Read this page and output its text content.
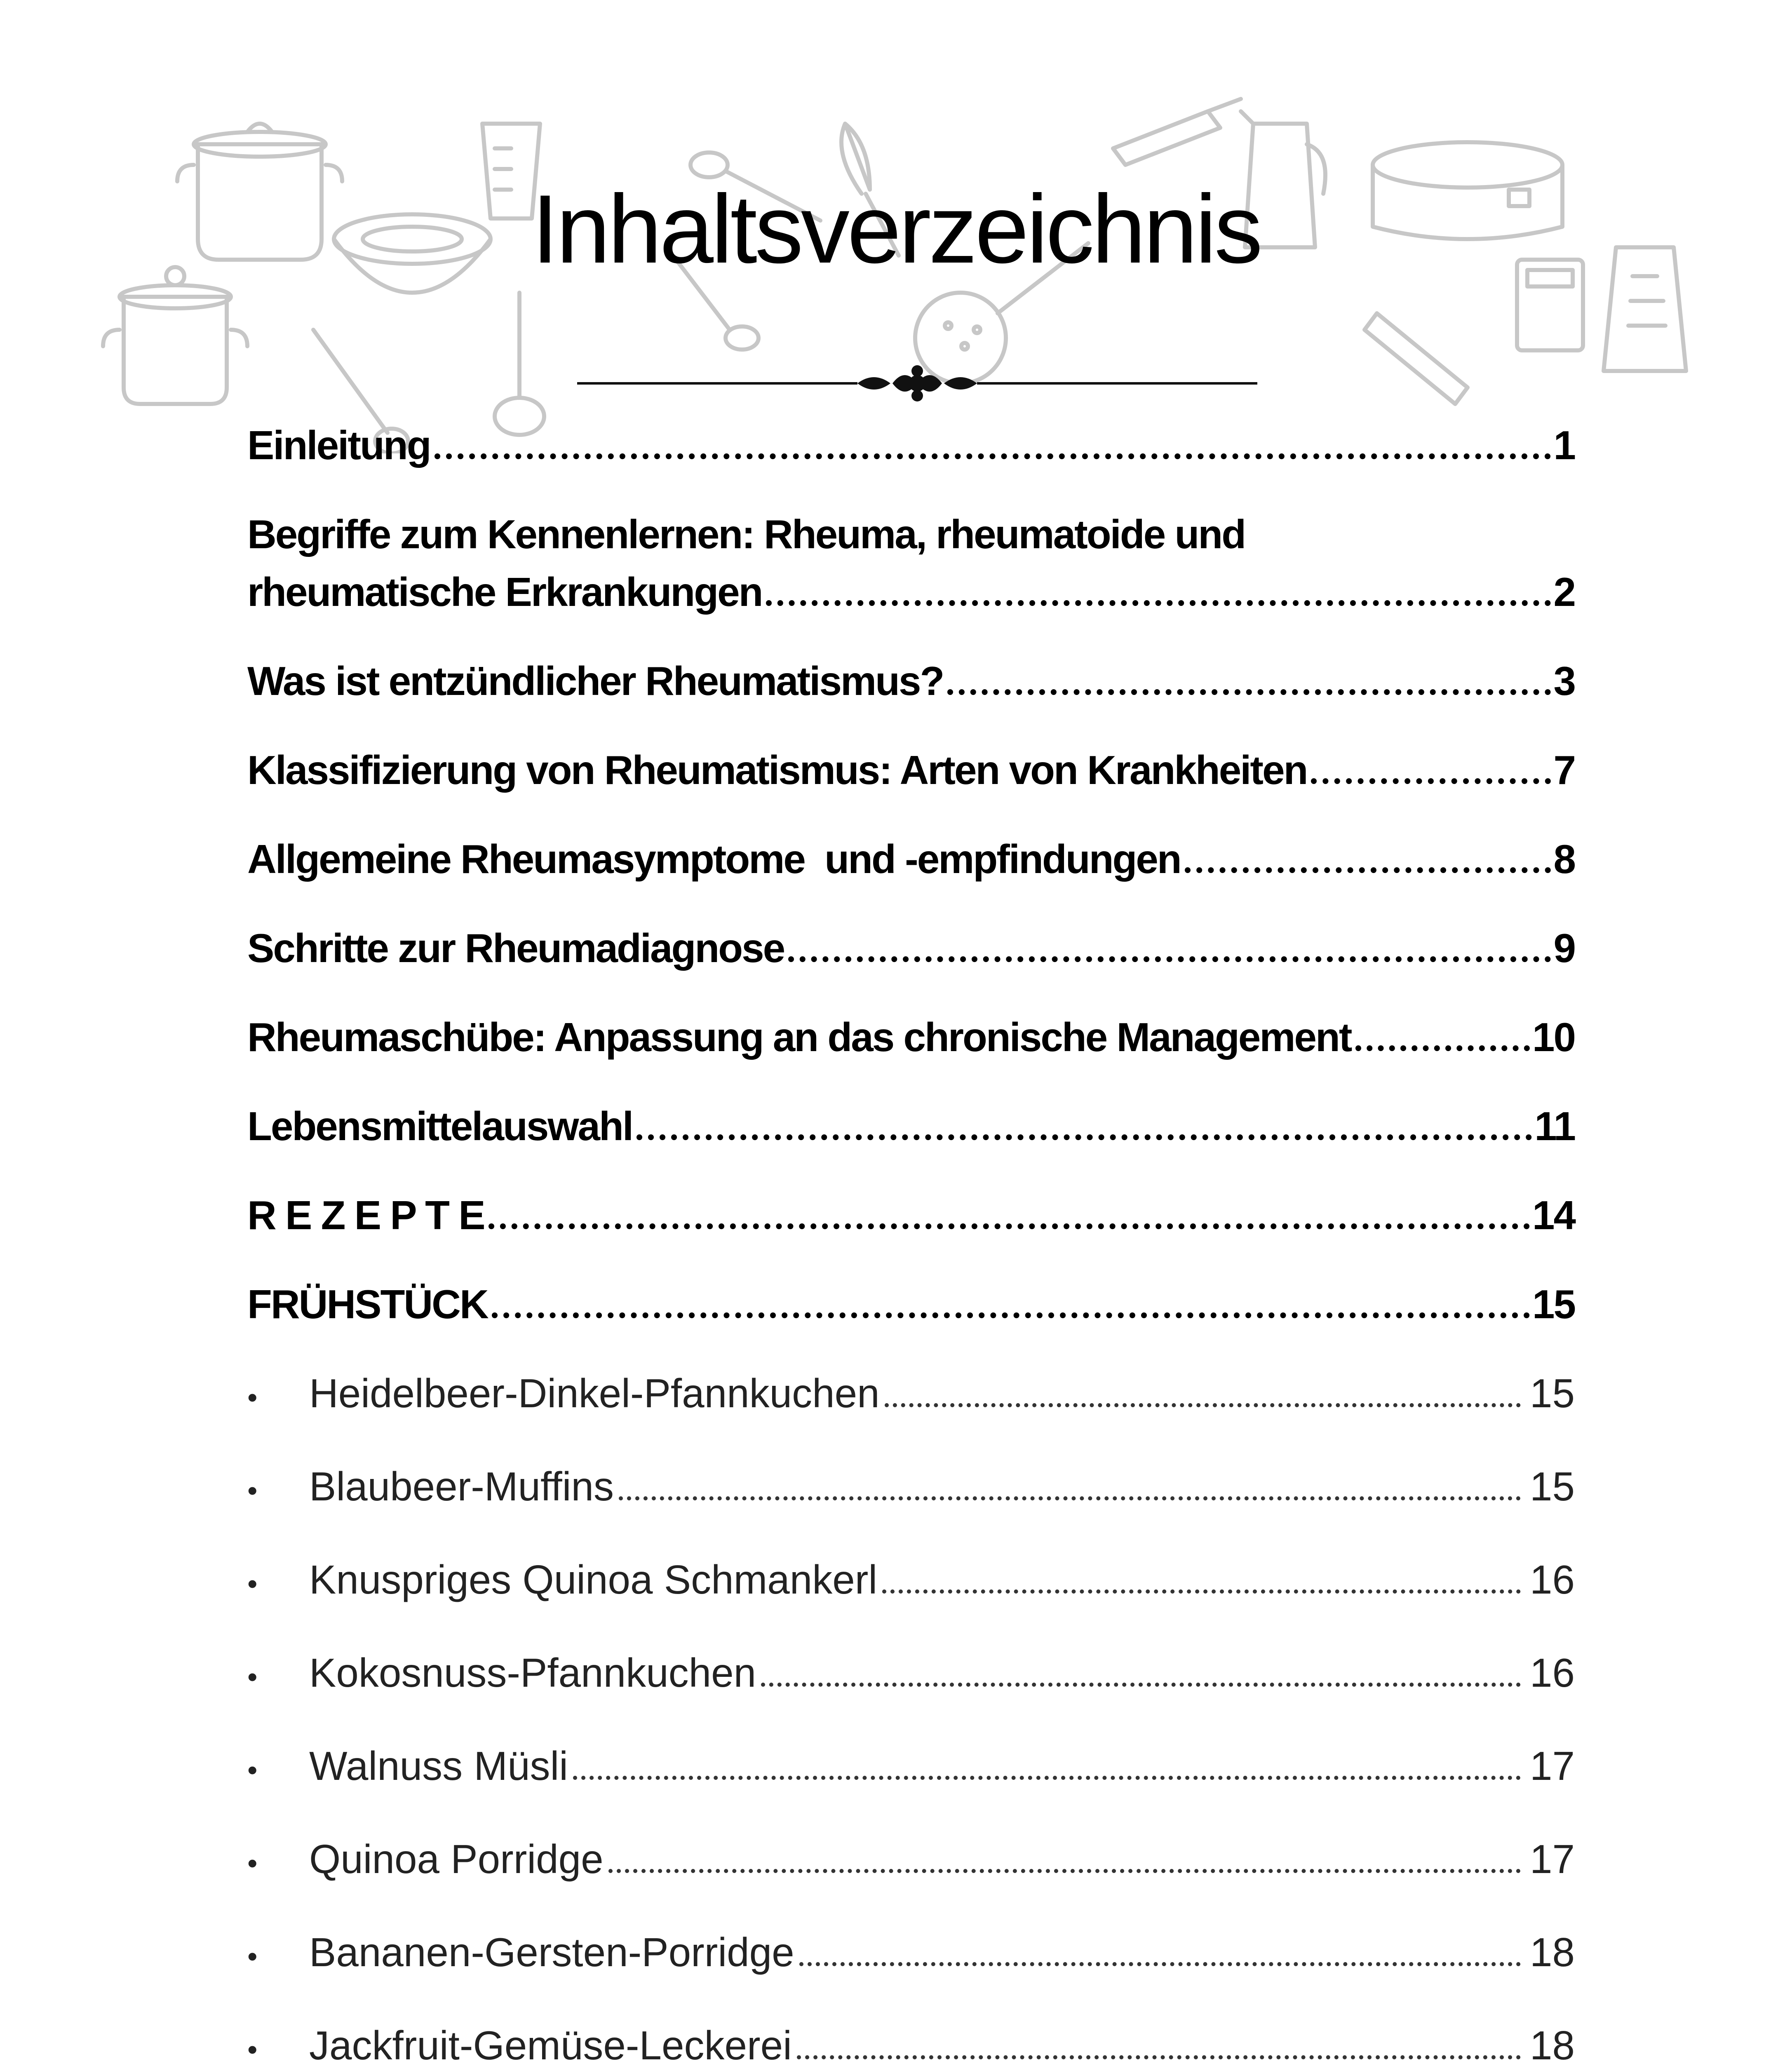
Inhaltsverzeichnis
Einleitung	1
Begriffe zum Kennenlernen: Rheuma, rheumatoide und
rheumatische Erkrankungen	2
Was ist entzündlicher Rheumatismus?	3
Klassifizierung von Rheumatismus: Arten von Krankheiten	7
Allgemeine Rheumasymptome  und -empfindungen	8
Schritte zur Rheumadiagnose	9
Rheumaschübe: Anpassung an das chronische Management	10
Lebensmittelauswahl	11
R E Z E P T E	14
FRÜHSTÜCK	15
•	Heidelbeer-Dinkel-Pfannkuchen	15
•	Blaubeer-Muffins	15
•	Knuspriges Quinoa Schmankerl	16
•	Kokosnuss-Pfannkuchen	16
•	Walnuss Müsli	17
•	Quinoa Porridge	17
•	Bananen-Gersten-Porridge	18
•	Jackfruit-Gemüse-Leckerei	18
